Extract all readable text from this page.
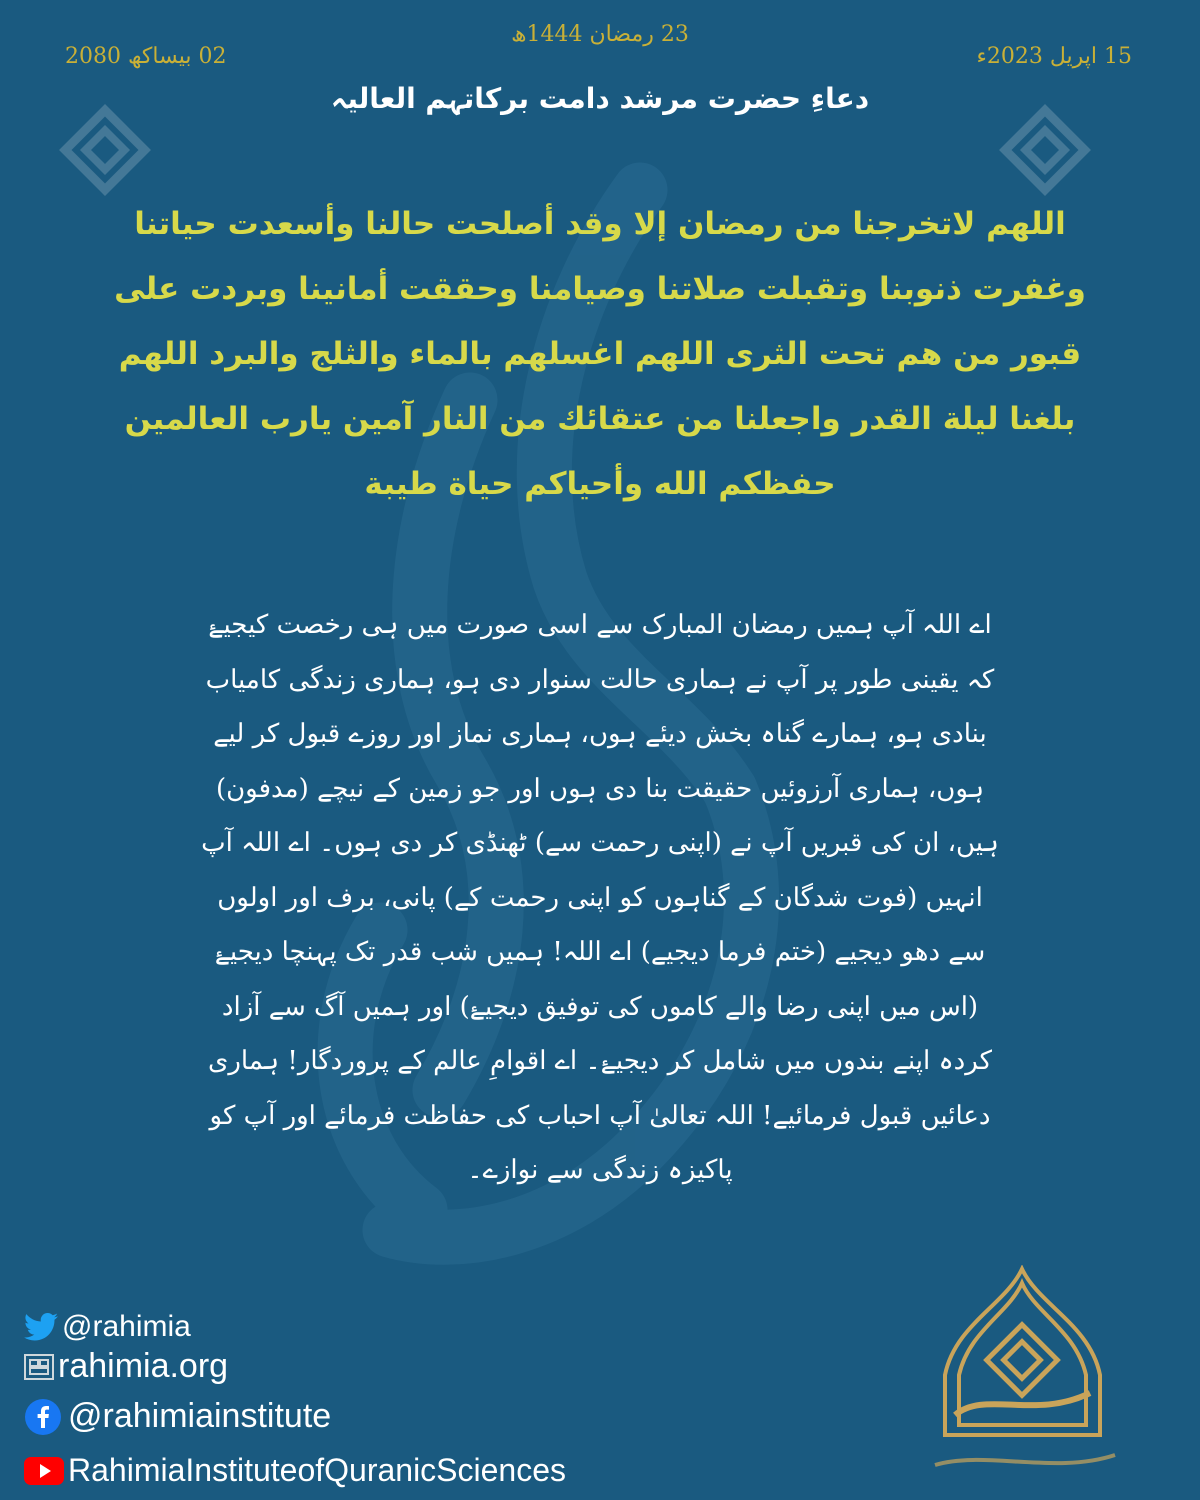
23 رمضان 1444ھ
15 اپریل 2023ء
02 بیساکھ 2080
دعاءِ حضرت مرشد دامت برکاتہم العالیہ
اللهم لاتخرجنا من رمضان إلا وقد أصلحت حالنا وأسعدت حياتنا وغفرت ذنوبنا وتقبلت صلاتنا وصيامنا وحققت أمانينا وبردت على قبور من هم تحت الثرى اللهم اغسلهم بالماء والثلج والبرد اللهم بلغنا ليلة القدر واجعلنا من عتقائك من النار آمين يارب العالمين حفظكم الله وأحياكم حياة طيبة
اے اللہ آپ ہمیں رمضان المبارک سے اسی صورت میں ہی رخصت کیجیۓ کہ یقینی طور پر آپ نے ہماری حالت سنوار دی ہو، ہماری زندگی کامیاب بنادی ہو، ہمارے گناہ بخش دیئے ہوں، ہماری نماز اور روزے قبول کر لیے ہوں، ہماری آرزوئیں حقیقت بنا دی ہوں اور جو زمین کے نیچے (مدفون) ہیں، ان کی قبریں آپ نے (اپنی رحمت سے) ٹھنڈی کر دی ہوں۔ اے اللہ آپ انہیں (فوت شدگان کے گناہوں کو اپنی رحمت کے) پانی، برف اور اولوں سے دھو دیجیے (ختم فرما دیجیے) اے اللہ! ہمیں شب قدر تک پہنچا دیجیۓ (اس میں اپنی رضا والے کاموں کی توفیق دیجیۓ) اور ہمیں آگ سے آزاد کردہ اپنے بندوں میں شامل کر دیجیۓ۔ اے اقوامِ عالم کے پروردگار! ہماری دعائیں قبول فرمائیے! اللہ تعالیٰ آپ احباب کی حفاظت فرمائے اور آپ کو پاکیزہ زندگی سے نوازے۔
@rahimia
rahimia.org
@rahimiainstitute
RahimiaInstituteofQuranicSciences
